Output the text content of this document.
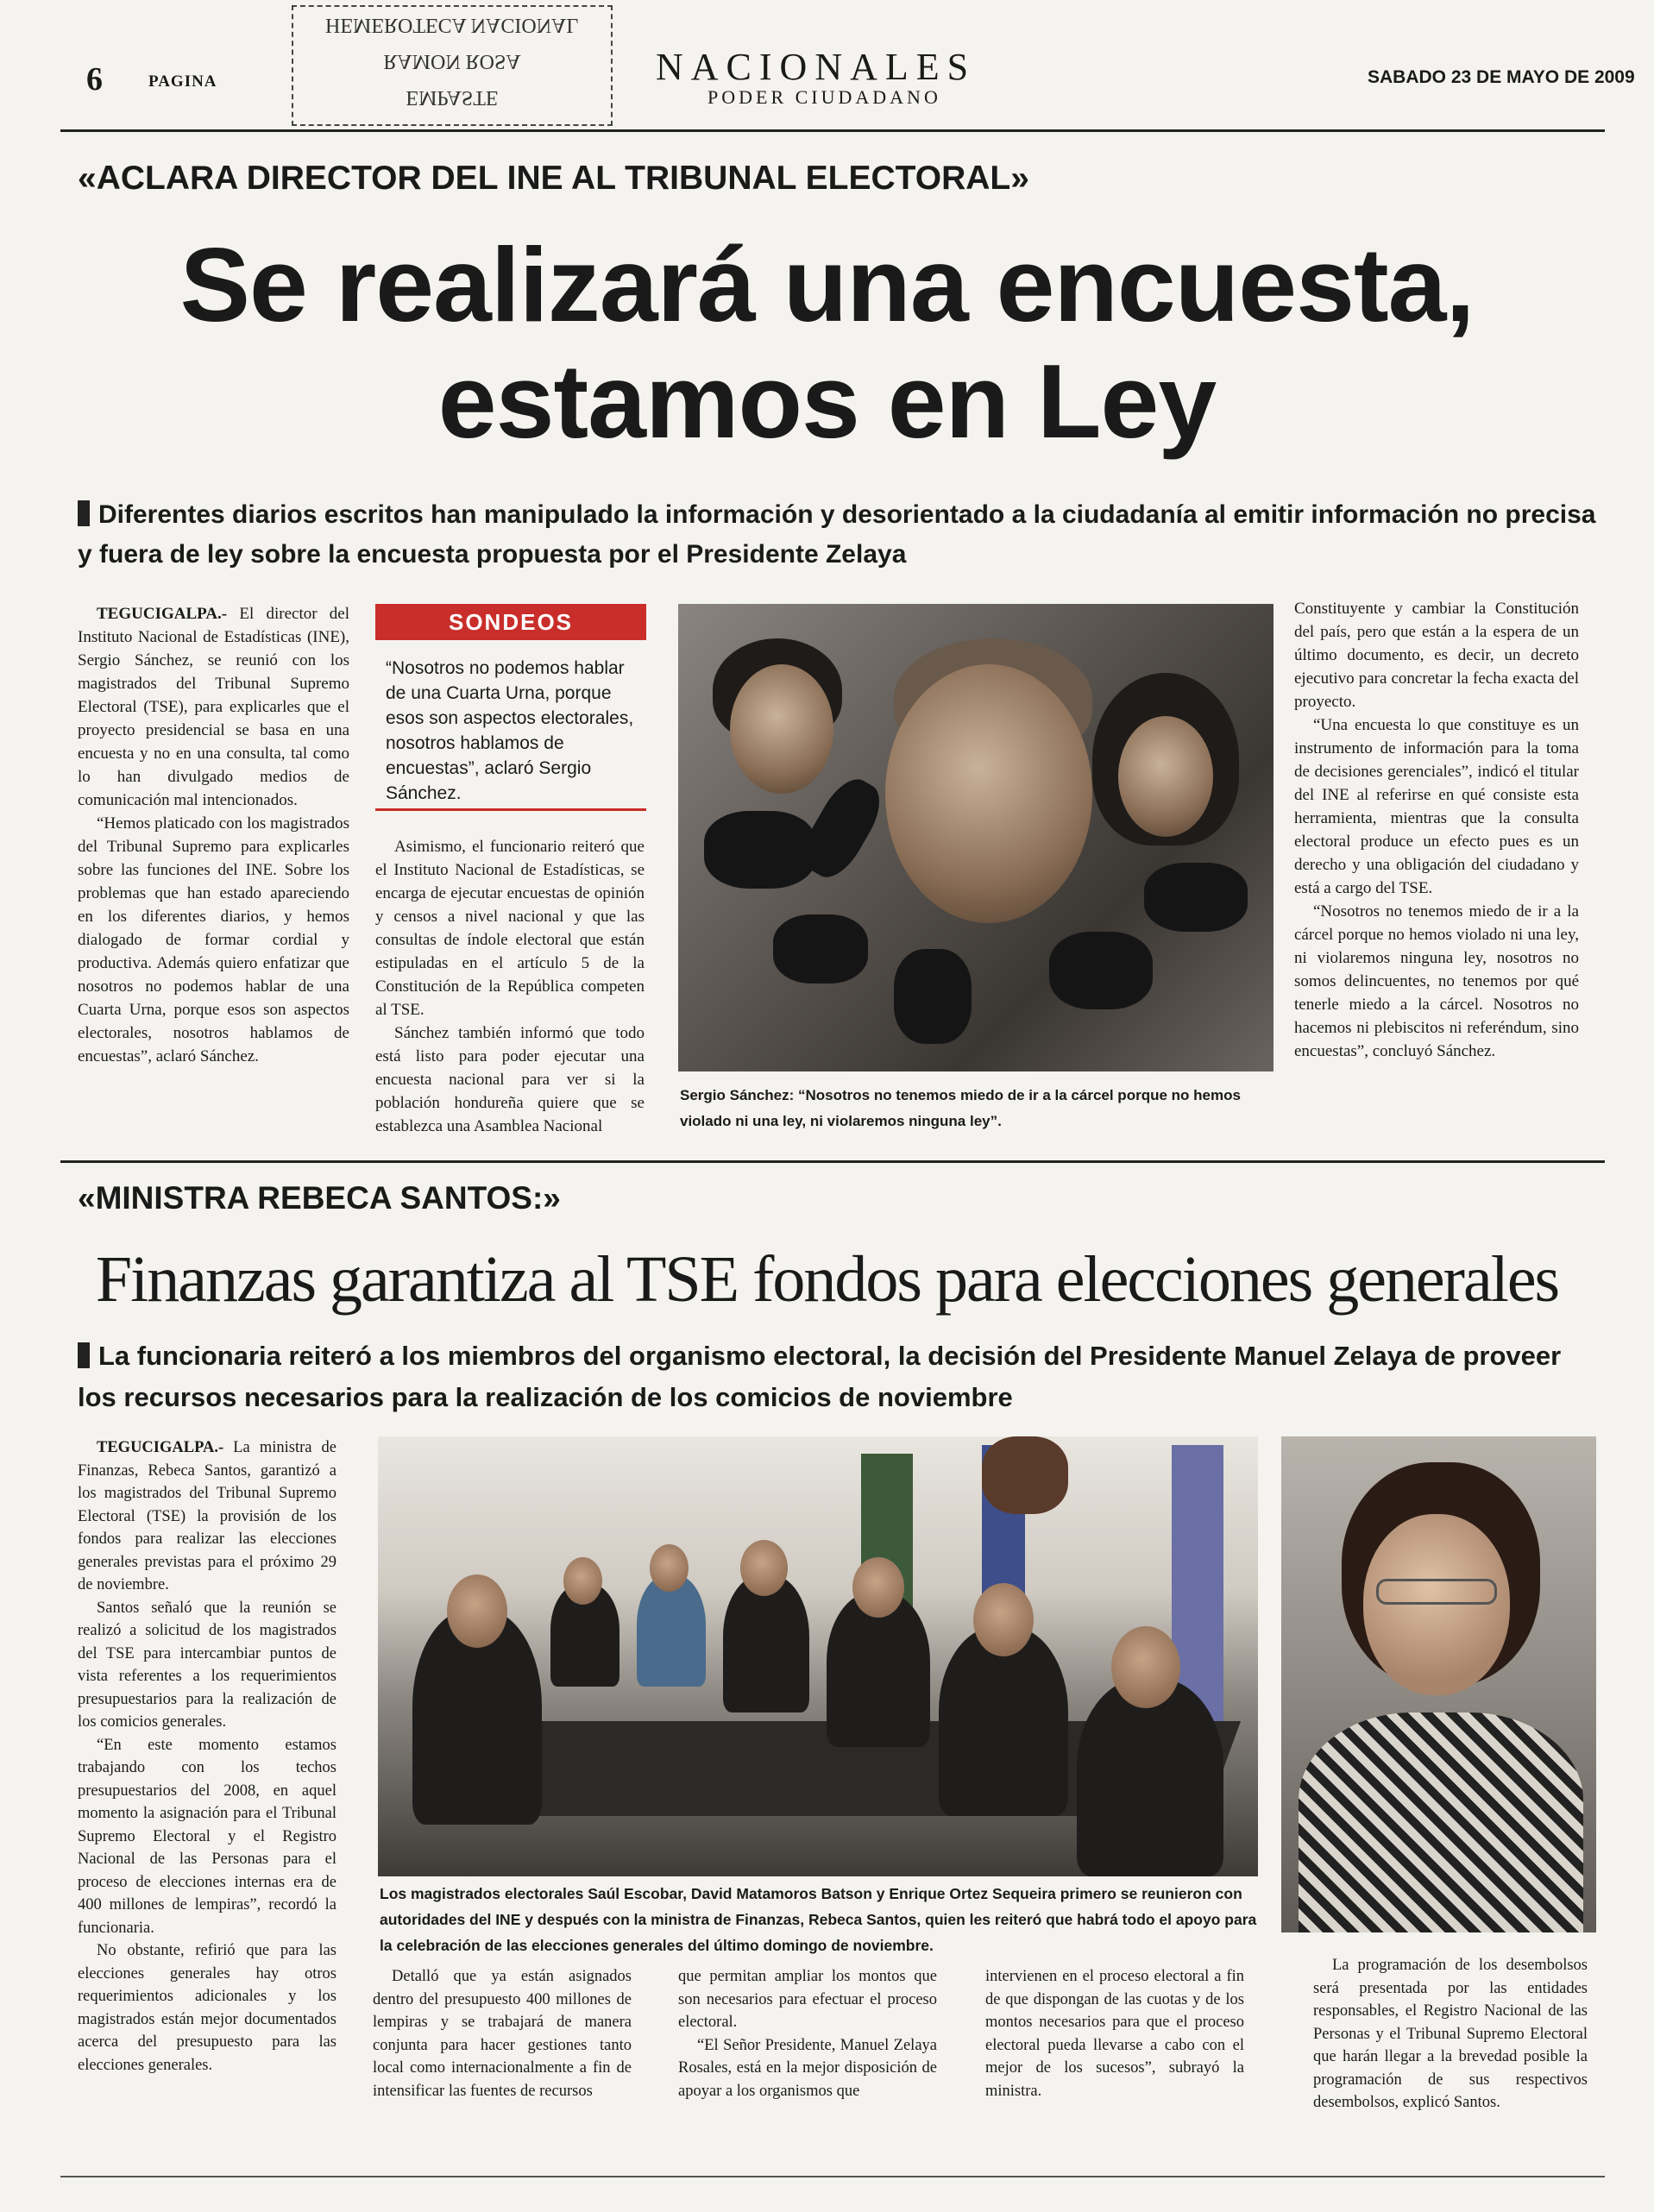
6	PAGINA
HEMEROTECA NACIONAL
RAMON ROSA
EMPASTE
NACIONALES
PODER CIUDADANO
SABADO 23 DE MAYO DE 2009
«ACLARA DIRECTOR DEL INE AL TRIBUNAL ELECTORAL»
Se realizará una encuesta,
estamos en Ley
Diferentes diarios escritos han manipulado la información y desorientado a la ciudadanía al emitir información no precisa y fuera de ley sobre la encuesta propuesta por el Presidente Zelaya
TEGUCIGALPA.- El director del Instituto Nacional de Estadísticas (INE), Sergio Sánchez, se reunió con los magistrados del Tribunal Supremo Electoral (TSE), para explicarles que el proyecto presidencial se basa en una encuesta y no en una consulta, tal como lo han divulgado medios de comunicación mal intencionados.
“Hemos platicado con los magistrados del Tribunal Supremo para explicarles sobre las funciones del INE. Sobre los problemas que han estado apareciendo en los diferentes diarios, y hemos dialogado de formar cordial y productiva. Además quiero enfatizar que nosotros no podemos hablar de una Cuarta Urna, porque esos son aspectos electorales, nosotros hablamos de encuestas”, aclaró Sánchez.
SONDEOS
“Nosotros no podemos hablar de una Cuarta Urna, porque esos son aspectos electorales, nosotros hablamos de encuestas”, aclaró Sergio Sánchez.
Asimismo, el funcionario reiteró que el Instituto Nacional de Estadísticas, se encarga de ejecutar encuestas de opinión y censos a nivel nacional y que las consultas de índole electoral que están estipuladas en el artículo 5 de la Constitución de la República competen al TSE.
Sánchez también informó que todo está listo para poder ejecutar una encuesta nacional para ver si la población hondureña quiere que se establezca una Asamblea Nacional
Sergio Sánchez: “Nosotros no tenemos miedo de ir a la cárcel porque no hemos violado ni una ley, ni violaremos ninguna ley”.
Constituyente y cambiar la Constitución del país, pero que están a la espera de un último documento, es decir, un decreto ejecutivo para concretar la fecha exacta del proyecto.
“Una encuesta lo que constituye es un instrumento de información para la toma de decisiones gerenciales”, indicó el titular del INE al referirse en qué consiste esta herramienta, mientras que la consulta electoral produce un efecto pues es un derecho y una obligación del ciudadano y está a cargo del TSE.
“Nosotros no tenemos miedo de ir a la cárcel porque no hemos violado ni una ley, ni violaremos ninguna ley, nosotros no somos delincuentes, no tenemos por qué tenerle miedo a la cárcel. Nosotros no hacemos ni plebiscitos ni referéndum, sino encuestas”, concluyó Sánchez.
«MINISTRA REBECA SANTOS:»
Finanzas garantiza al TSE fondos para elecciones generales
La funcionaria reiteró a los miembros del organismo electoral, la decisión del Presidente Manuel Zelaya de proveer los recursos necesarios para la realización de los comicios de noviembre
TEGUCIGALPA.- La ministra de Finanzas, Rebeca Santos, garantizó a los magistrados del Tribunal Supremo Electoral (TSE) la provisión de los fondos para realizar las elecciones generales previstas para el próximo 29 de noviembre.
Santos señaló que la reunión se realizó a solicitud de los magistrados del TSE para intercambiar puntos de vista referentes a los requerimientos presupuestarios para la realización de los comicios generales.
“En este momento estamos trabajando con los techos presupuestarios del 2008, en aquel momento la asignación para el Tribunal Supremo Electoral y el Registro Nacional de las Personas para el proceso de elecciones internas era de 400 millones de lempiras”, recordó la funcionaria.
No obstante, refirió que para las elecciones generales hay otros requerimientos adicionales y los magistrados están mejor documentados acerca del presupuesto para las elecciones generales.
Los magistrados electorales Saúl Escobar, David Matamoros Batson y Enrique Ortez Sequeira primero se reunieron con autoridades del INE y después con la ministra de Finanzas, Rebeca Santos, quien les reiteró que habrá todo el apoyo para la celebración de las elecciones generales del último domingo de noviembre.
Detalló que ya están asignados dentro del presupuesto 400 millones de lempiras y se trabajará de manera conjunta para hacer gestiones tanto local como internacionalmente a fin de intensificar las fuentes de recursos
que permitan ampliar los montos que son necesarios para efectuar el proceso electoral.
“El Señor Presidente, Manuel Zelaya Rosales, está en la mejor disposición de apoyar a los organismos que
intervienen en el proceso electoral a fin de que dispongan de las cuotas y de los montos necesarios para que el proceso electoral pueda llevarse a cabo con el mejor de los sucesos”, subrayó la ministra.
La programación de los desembolsos será presentada por las entidades responsables, el Registro Nacional de las Personas y el Tribunal Supremo Electoral que harán llegar a la brevedad posible la programación de sus respectivos desembolsos, explicó Santos.
